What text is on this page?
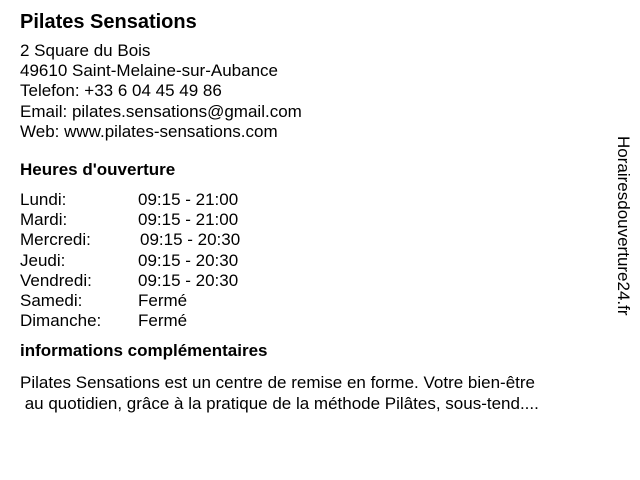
Pilates Sensations
2 Square du Bois
49610 Saint-Melaine-sur-Aubance
Telefon: +33 6 04 45 49 86
Email: pilates.sensations@gmail.com
Web: www.pilates-sensations.com
Heures d'ouverture
Lundi:	09:15 - 21:00
Mardi:	09:15 - 21:00
Mercredi:	09:15 - 20:30
Jeudi:	09:15 - 20:30
Vendredi:	09:15 - 20:30
Samedi:	Fermé
Dimanche:	Fermé
informations complémentaires
Pilates Sensations est un centre de remise en forme. Votre bien-être
au quotidien, grâce à la pratique de la méthode Pilâtes, sous-tend....
Horairesdouverture24.fr
